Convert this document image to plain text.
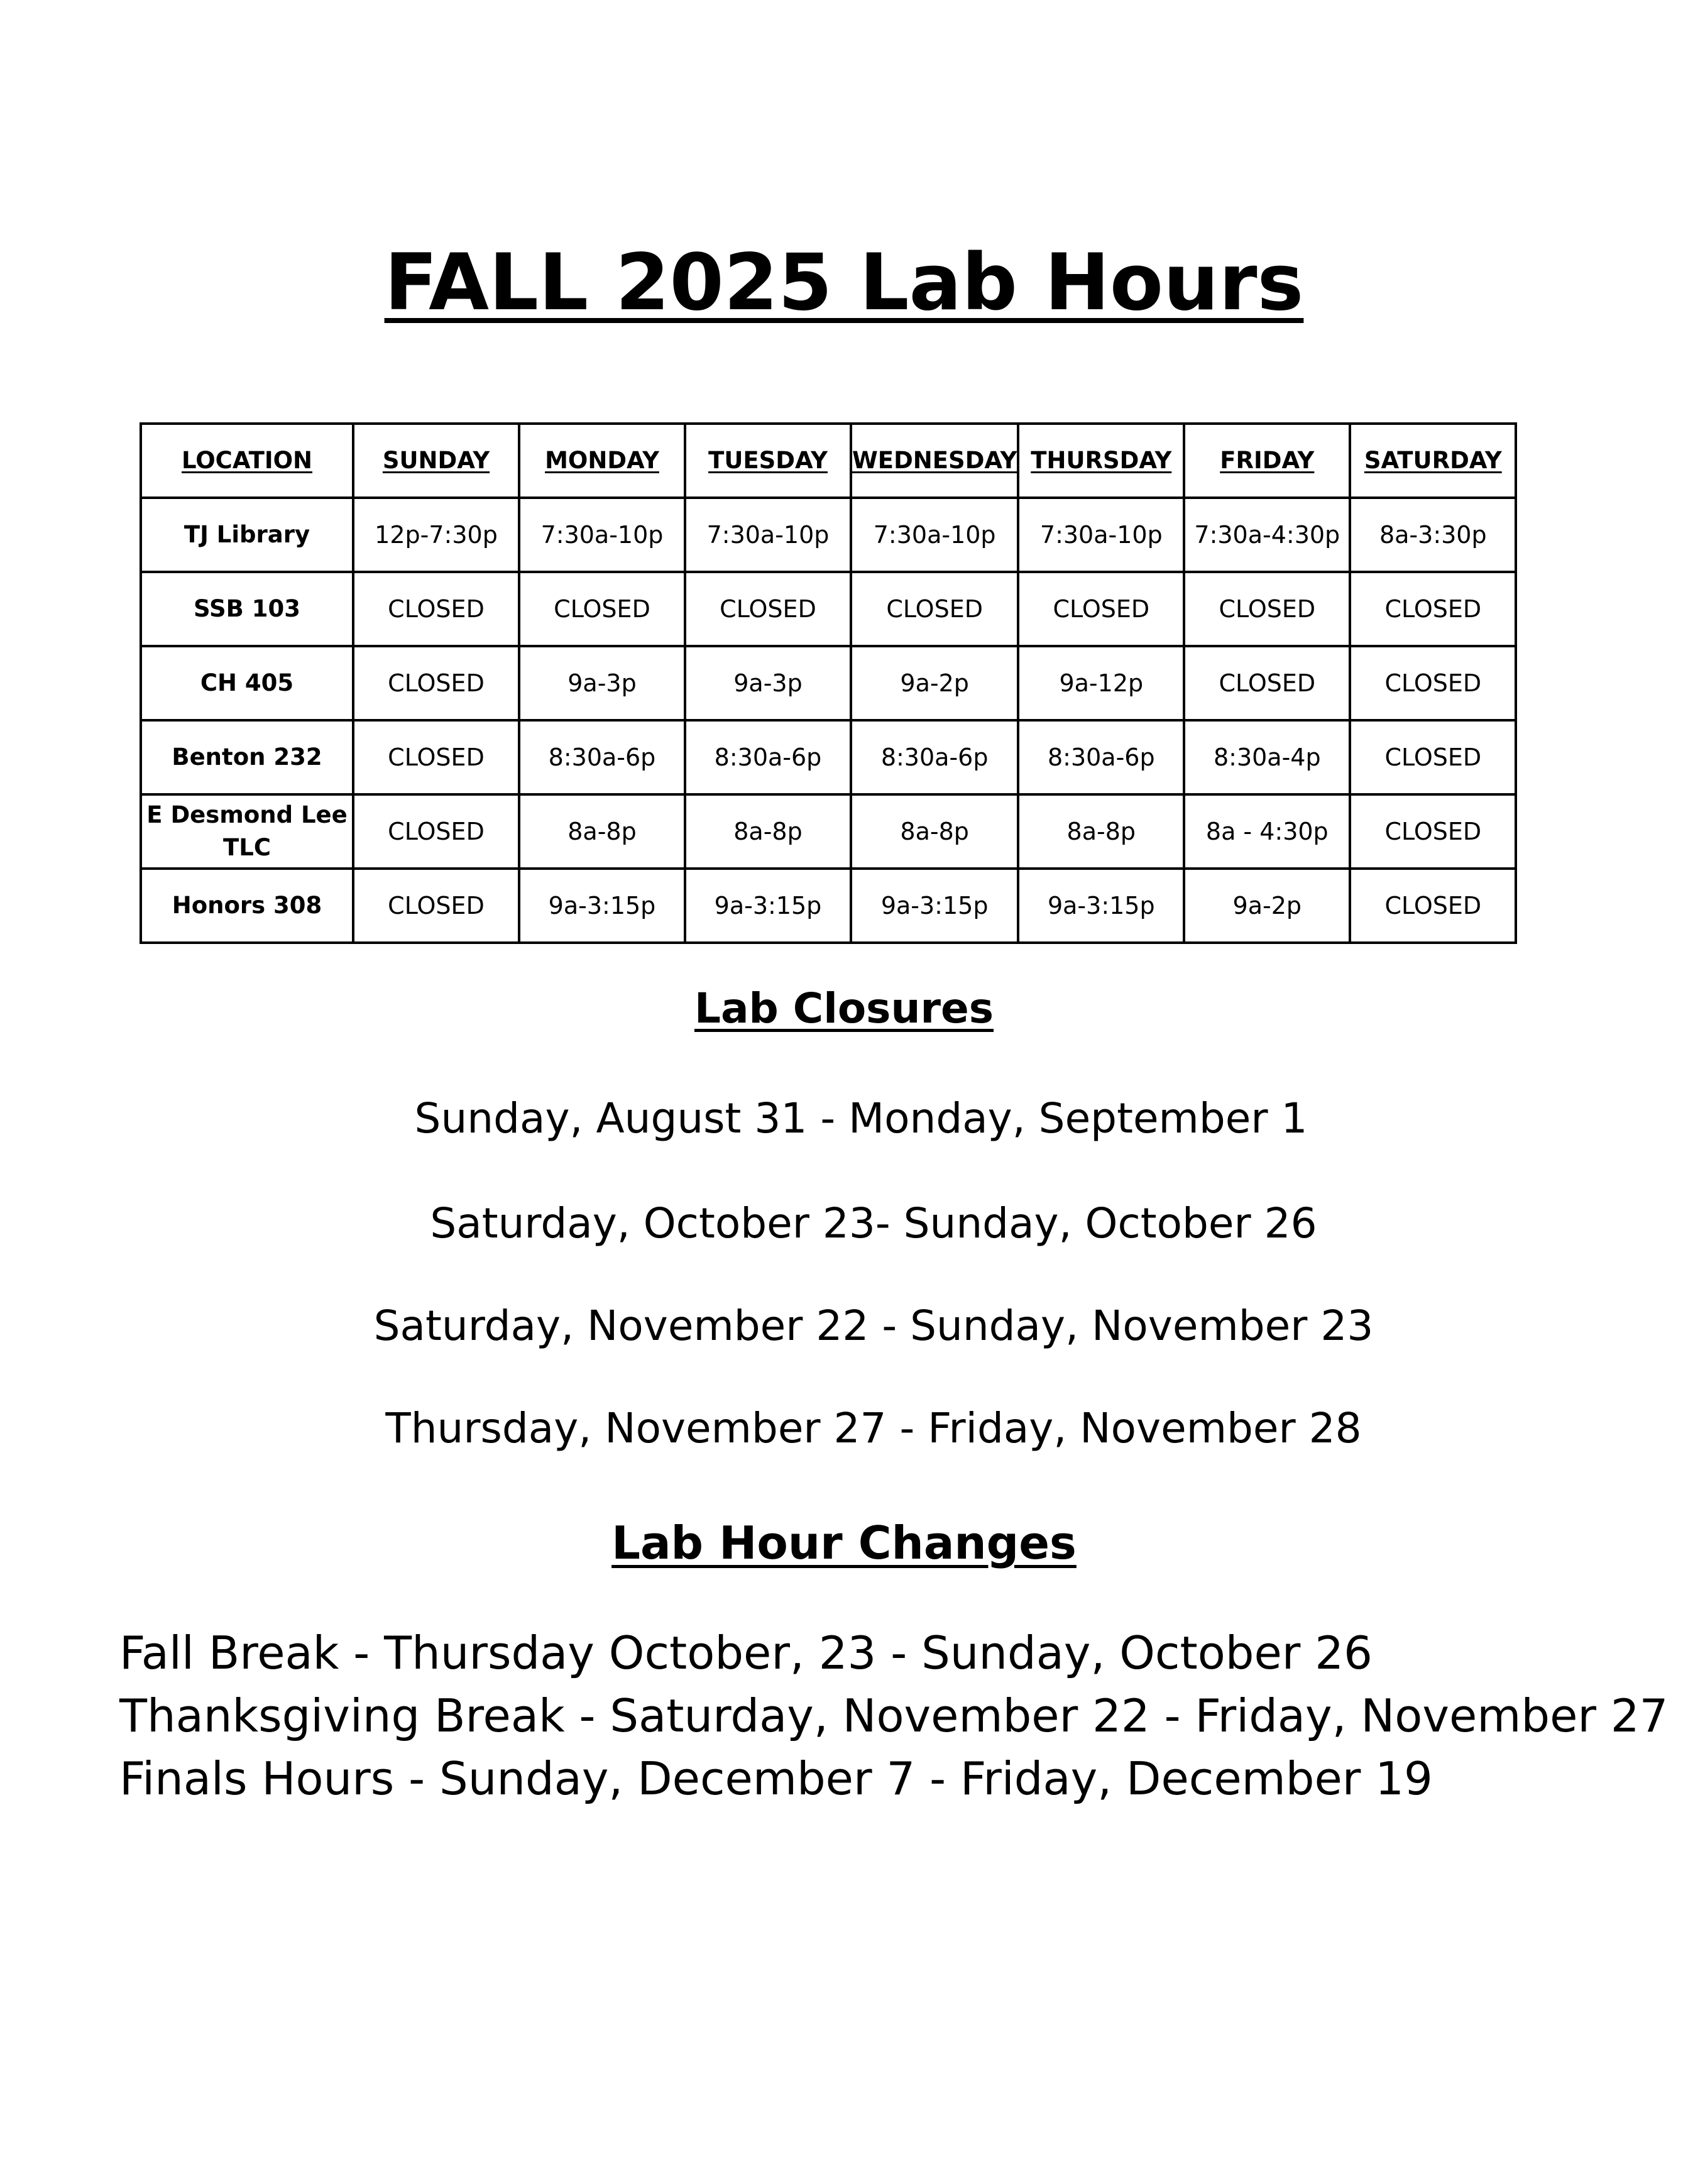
FALL 2025 Lab Hours
LOCATION	SUNDAY	MONDAY	TUESDAY	WEDNESDAY	THURSDAY	FRIDAY	SATURDAY
TJ Library	12p-7:30p	7:30a-10p	7:30a-10p	7:30a-10p	7:30a-10p	7:30a-4:30p	8a-3:30p
SSB 103	CLOSED	CLOSED	CLOSED	CLOSED	CLOSED	CLOSED	CLOSED
CH 405	CLOSED	9a-3p	9a-3p	9a-2p	9a-12p	CLOSED	CLOSED
Benton 232	CLOSED	8:30a-6p	8:30a-6p	8:30a-6p	8:30a-6p	8:30a-4p	CLOSED
E Desmond Lee TLC	CLOSED	8a-8p	8a-8p	8a-8p	8a-8p	8a - 4:30p	CLOSED
Honors 308	CLOSED	9a-3:15p	9a-3:15p	9a-3:15p	9a-3:15p	9a-2p	CLOSED
Lab Closures

Sunday, August 31 - Monday, September 1

Saturday, October 23- Sunday, October 26

Saturday, November 22 - Sunday, November 23

Thursday, November 27 - Friday, November 28

Lab Hour Changes
Fall Break - Thursday October, 23 - Sunday, October 26
Thanksgiving Break - Saturday, November 22 - Friday, November 27
Finals Hours - Sunday, December 7 - Friday, December 19
